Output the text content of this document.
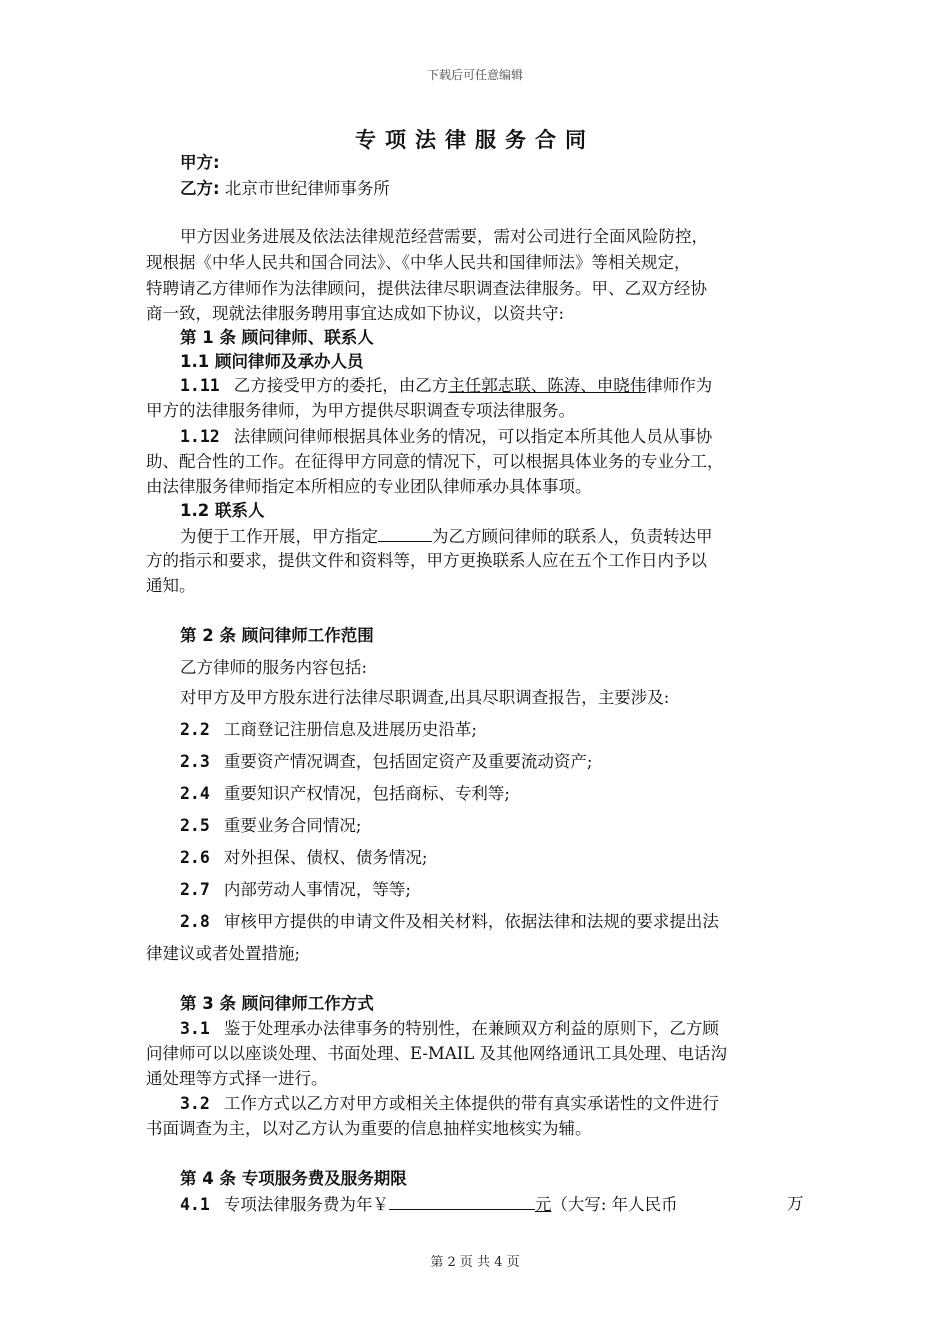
下载后可任意编辑
专项法律服务合同
甲方:
乙方: 北京市世纪律师事务所
甲方因业务进展及依法法律规范经营需要，需对公司进行全面风险防控，
现根据《中华人民共和国合同法》、《中华人民共和国律师法》等相关规定，
特聘请乙方律师作为法律顾问，提供法律尽职调查法律服务。甲、乙双方经协
商一致，现就法律服务聘用事宜达成如下协议，以资共守:
第 1 条 顾问律师、联系人
1.1 顾问律师及承办人员
1.11 乙方接受甲方的委托，由乙方主任郭志联、陈涛、申晓伟律师作为
甲方的法律服务律师，为甲方提供尽职调查专项法律服务。
1.12 法律顾问律师根据具体业务的情况，可以指定本所其他人员从事协
助、配合性的工作。在征得甲方同意的情况下，可以根据具体业务的专业分工，
由法律服务律师指定本所相应的专业团队律师承办具体事项。
1.2 联系人
为便于工作开展，甲方指定	为乙方顾问律师的联系人，负责转达甲
方的指示和要求，提供文件和资料等，甲方更换联系人应在五个工作日内予以
通知。
第 2 条 顾问律师工作范围
乙方律师的服务内容包括:
对甲方及甲方股东进行法律尽职调查,出具尽职调查报告，主要涉及:
2.2 工商登记注册信息及进展历史沿革;
2.3 重要资产情况调查，包括固定资产及重要流动资产;
2.4 重要知识产权情况，包括商标、专利等;
2.5 重要业务合同情况;
2.6 对外担保、债权、债务情况;
2.7 内部劳动人事情况，等等;
2.8 审核甲方提供的申请文件及相关材料，依据法律和法规的要求提出法
律建议或者处置措施;
第 3 条 顾问律师工作方式
3.1 鉴于处理承办法律事务的特别性，在兼顾双方利益的原则下，乙方顾
问律师可以以座谈处理、书面处理、E-MAIL 及其他网络通讯工具处理、电话沟
通处理等方式择一进行。
3.2 工作方式以乙方对甲方或相关主体提供的带有真实承诺性的文件进行
书面调查为主，以对乙方认为重要的信息抽样实地核实为辅。
第 4 条 专项服务费及服务期限
4.1 专项法律服务费为年￥	元（大写: 年人民币	万
第 2 页 共 4 页
